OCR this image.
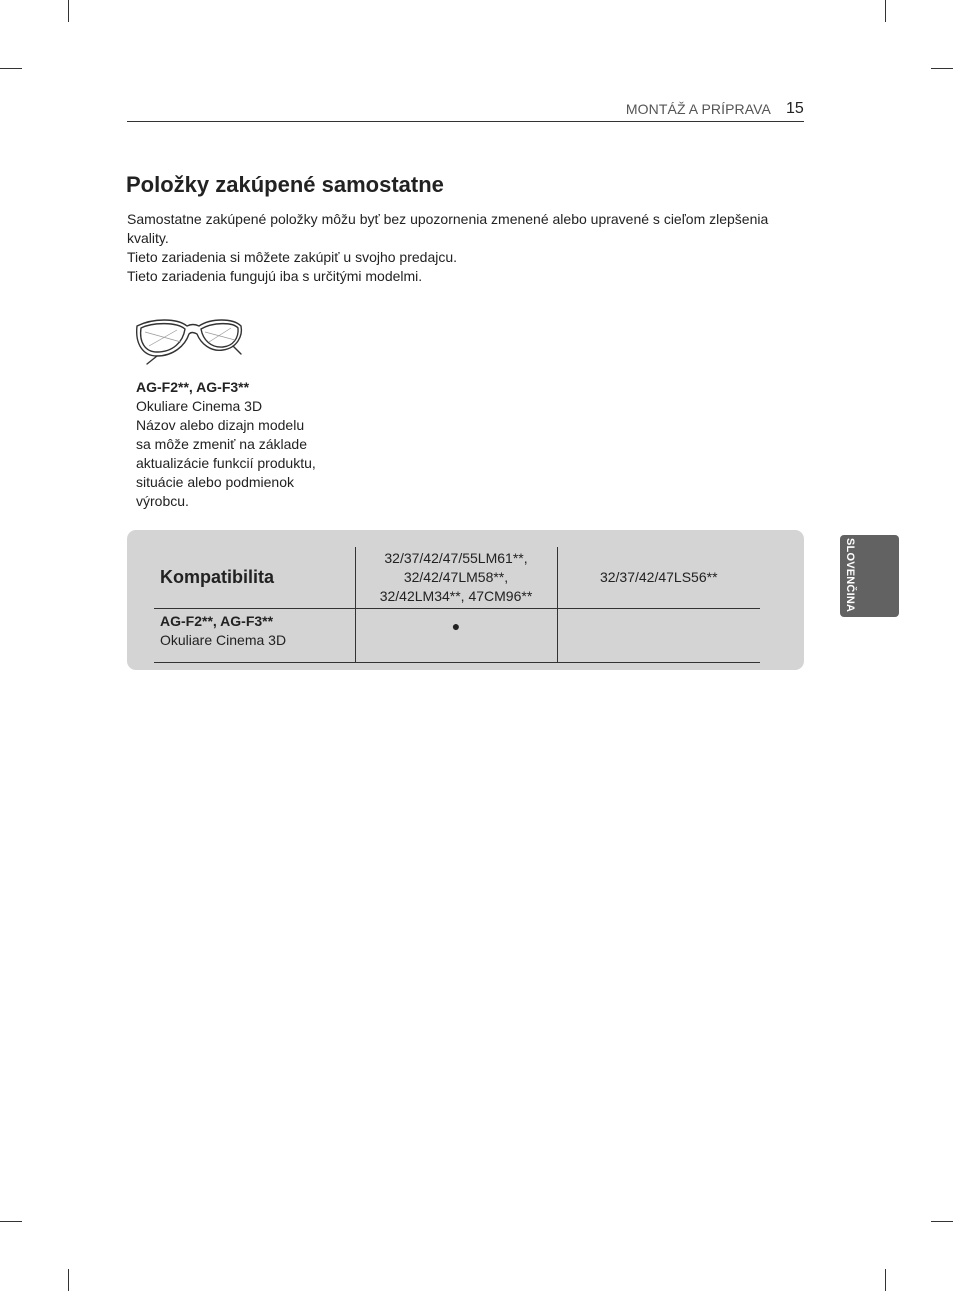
MONTÁŽ A PRÍPRAVA 15
Položky zakúpené samostatne

Samostatne zakúpené položky môžu byť bez upozornenia zmenené alebo upravené s cieľom zlepšenia kvality.

Tieto zariadenia si môžete zakúpiť u svojho predajcu.

Tieto zariadenia fungujú iba s určitými modelmi.

AG-F2**, AG-F3**
Okuliare Cinema 3D
Názov alebo dizajn modelu
sa môže zmeniť na základe
aktualizácie funkcií produktu,
situácie alebo podmienok
výrobcu.
Kompatibilita	32/37/42/47/55LM61**,
32/42/47LM58**,
32/42LM34**, 47CM96**	32/37/42/47LS56**

AG-F2**, AG-F3**
Okuliare Cinema 3D	●	
SLOVENČINA
